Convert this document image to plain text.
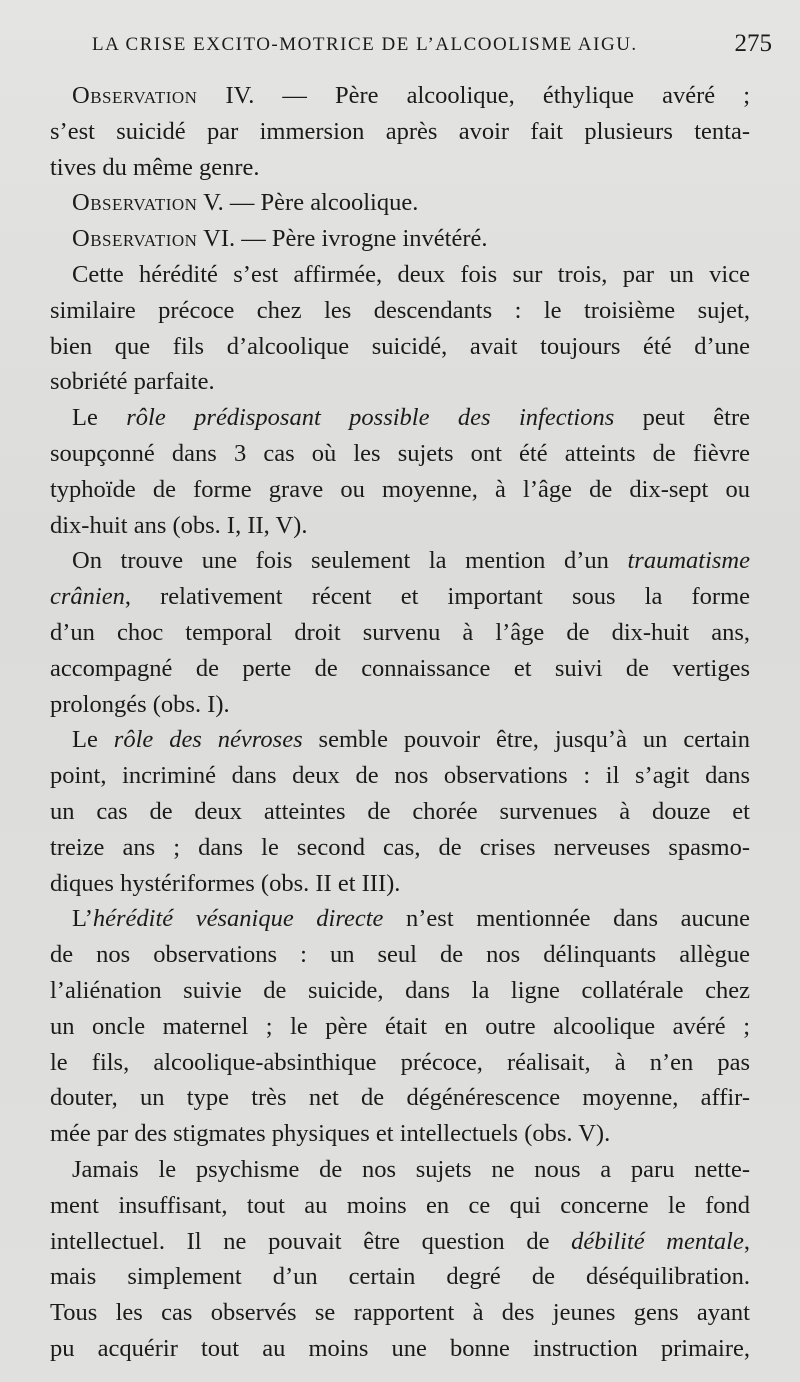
LA CRISE EXCITO-MOTRICE DE L’ALCOOLISME AIGU.	275
Observation IV. — Père alcoolique, éthylique avéré ;
s’est suicidé par immersion après avoir fait plusieurs tenta-
tives du même genre.
Observation V. — Père alcoolique.
Observation VI. — Père ivrogne invétéré.
Cette hérédité s’est affirmée, deux fois sur trois, par un vice
similaire précoce chez les descendants : le troisième sujet,
bien que fils d’alcoolique suicidé, avait toujours été d’une
sobriété parfaite.
Le rôle prédisposant possible des infections peut être
soupçonné dans 3 cas où les sujets ont été atteints de fièvre
typhoïde de forme grave ou moyenne, à l’âge de dix-sept ou
dix-huit ans (obs. I, II, V).
On trouve une fois seulement la mention d’un traumatisme
crânien, relativement récent et important sous la forme
d’un choc temporal droit survenu à l’âge de dix-huit ans,
accompagné de perte de connaissance et suivi de vertiges
prolongés (obs. I).
Le rôle des névroses semble pouvoir être, jusqu’à un certain
point, incriminé dans deux de nos observations : il s’agit dans
un cas de deux atteintes de chorée survenues à douze et
treize ans ; dans le second cas, de crises nerveuses spasmo-
diques hystériformes (obs. II et III).
L’hérédité vésanique directe n’est mentionnée dans aucune
de nos observations : un seul de nos délinquants allègue
l’aliénation suivie de suicide, dans la ligne collatérale chez
un oncle maternel ; le père était en outre alcoolique avéré ;
le fils, alcoolique-absinthique précoce, réalisait, à n’en pas
douter, un type très net de dégénérescence moyenne, affir-
mée par des stigmates physiques et intellectuels (obs. V).
Jamais le psychisme de nos sujets ne nous a paru nette-
ment insuffisant, tout au moins en ce qui concerne le fond
intellectuel. Il ne pouvait être question de débilité mentale,
mais simplement d’un certain degré de déséquilibration.
Tous les cas observés se rapportent à des jeunes gens ayant
pu acquérir tout au moins une bonne instruction primaire,
